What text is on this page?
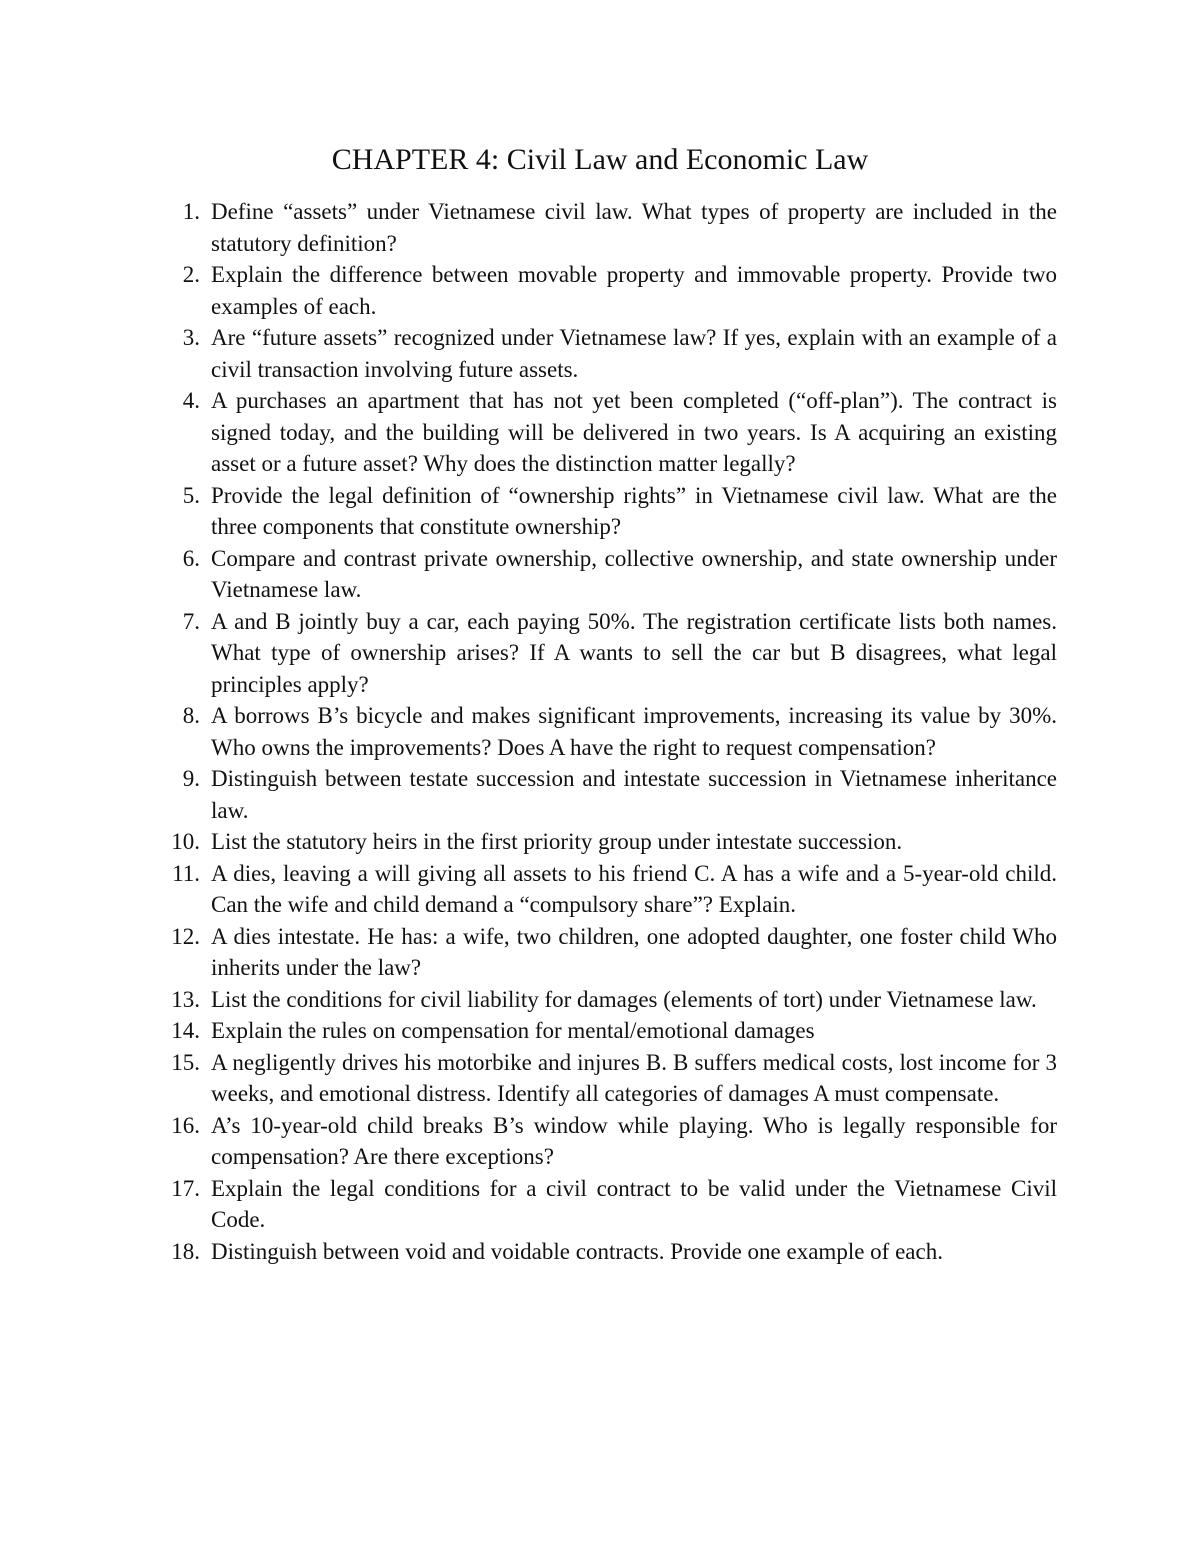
CHAPTER 4: Civil Law and Economic Law
1. Define “assets” under Vietnamese civil law. What types of property are included in the statutory definition?
2. Explain the difference between movable property and immovable property. Provide two examples of each.
3. Are “future assets” recognized under Vietnamese law? If yes, explain with an example of a civil transaction involving future assets.
4. A purchases an apartment that has not yet been completed (“off-plan”). The contract is signed today, and the building will be delivered in two years. Is A acquiring an existing asset or a future asset? Why does the distinction matter legally?
5. Provide the legal definition of “ownership rights” in Vietnamese civil law. What are the three components that constitute ownership?
6. Compare and contrast private ownership, collective ownership, and state ownership under Vietnamese law.
7. A and B jointly buy a car, each paying 50%. The registration certificate lists both names. What type of ownership arises? If A wants to sell the car but B disagrees, what legal principles apply?
8. A borrows B’s bicycle and makes significant improvements, increasing its value by 30%. Who owns the improvements? Does A have the right to request compensation?
9. Distinguish between testate succession and intestate succession in Vietnamese inheritance law.
10. List the statutory heirs in the first priority group under intestate succession.
11. A dies, leaving a will giving all assets to his friend C. A has a wife and a 5-year-old child. Can the wife and child demand a “compulsory share”? Explain.
12. A dies intestate. He has: a wife, two children, one adopted daughter, one foster child Who inherits under the law?
13. List the conditions for civil liability for damages (elements of tort) under Vietnamese law.
14. Explain the rules on compensation for mental/emotional damages
15. A negligently drives his motorbike and injures B. B suffers medical costs, lost income for 3 weeks, and emotional distress. Identify all categories of damages A must compensate.
16. A’s 10-year-old child breaks B’s window while playing. Who is legally responsible for compensation? Are there exceptions?
17. Explain the legal conditions for a civil contract to be valid under the Vietnamese Civil Code.
18. Distinguish between void and voidable contracts. Provide one example of each.
